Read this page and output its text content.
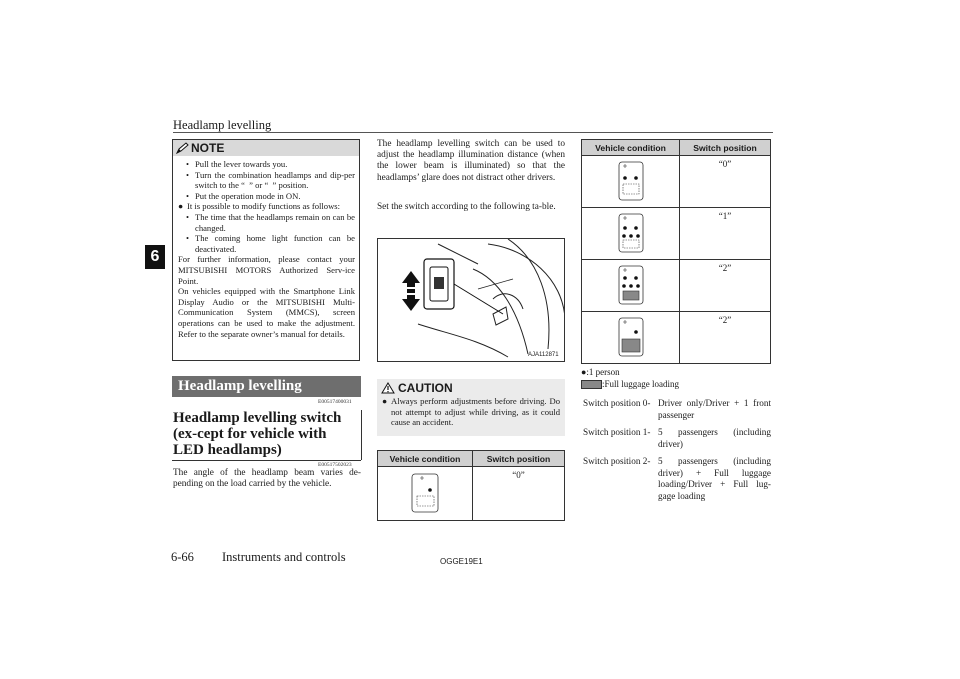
Headlamp levelling
6
NOTE
• Pull the lever towards you.
• Turn the combination headlamps and dip-per switch to the “  ” or “  ” position.
• Put the operation mode in ON.
● It is possible to modify functions as follows:
• The time that the headlamps remain on can be changed.
• The coming home light function can be deactivated.
For further information, please contact your MITSUBISHI MOTORS Authorized Serv-ice Point.
On vehicles equipped with the Smartphone Link Display Audio or the MITSUBISHI Multi-Communication System (MMCS), screen operations can be used to make the adjustment. Refer to the separate owner’s manual for details.
Headlamp levelling
E00517400031
Headlamp levelling switch (ex-cept for vehicle with LED headlamps)
E00517502023
The angle of the headlamp beam varies de-pending on the load carried by the vehicle.
The headlamp levelling switch can be used to adjust the headlamp illumination distance (when the lower beam is illuminated) so that the headlamps’ glare does not distract other drivers.
Set the switch according to the following ta-ble.
AJA112871
CAUTION
● Always perform adjustments before driving. Do not attempt to adjust while driving, as it could cause an accident.
Vehicle condition	Switch position
	“0”
Vehicle condition	Switch position
	“0”
	“1”
	“2”
	“2”
●:1 person
:Full luggage loading
Switch position 0- Driver only/Driver + 1 front passenger
Switch position 1- 5 passengers (including driver)
Switch position 2- 5 passengers (including driver) + Full luggage loading/Driver + Full lug-gage loading
6-66 Instruments and controls	OGGE19E1
